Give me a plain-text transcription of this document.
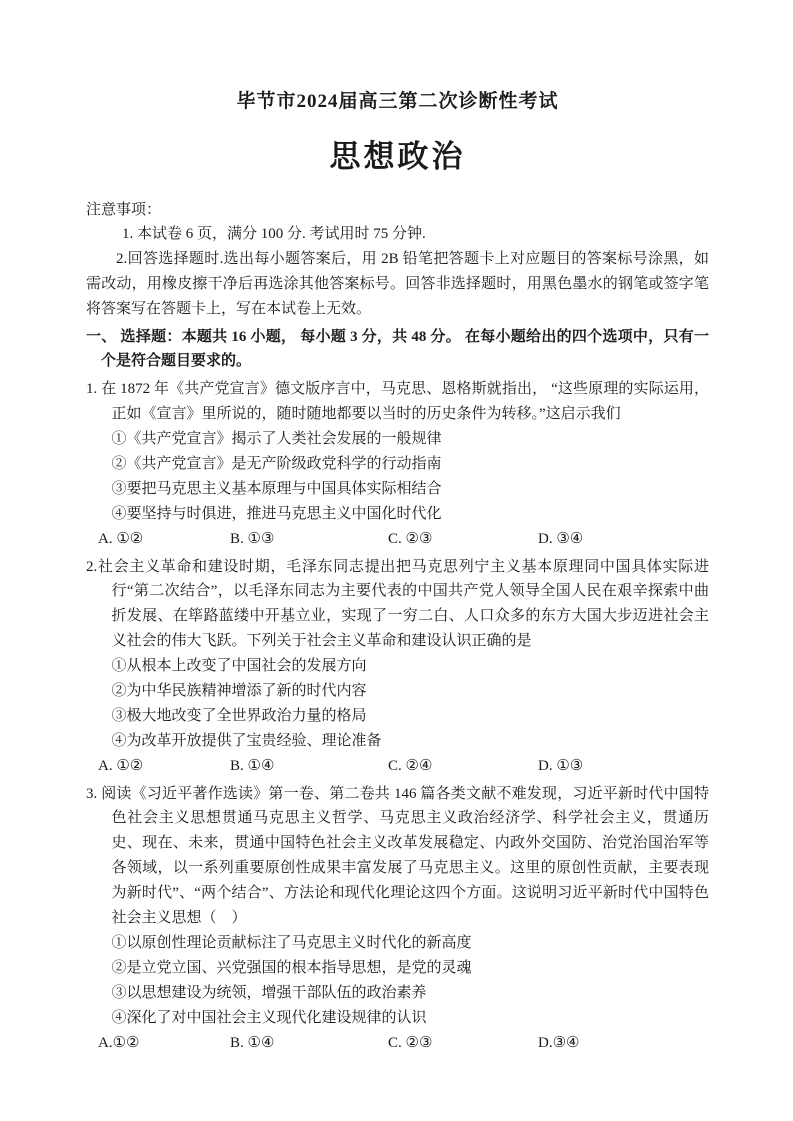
毕节市2024届高三第二次诊断性考试
思想政治

注意事项：

1. 本试卷 6 页，满分 100 分. 考试用时 75 分钟.

2.回答选择题时.选出每小题答案后，用 2B 铅笔把答题卡上对应题目的答案标号涂黑，如需改动，用橡皮擦干净后再选涂其他答案标号。回答非选择题时，用黑色墨水的钢笔或签字笔将答案写在答题卡上，写在本试卷上无效。

一、 选择题：本题共 16 小题， 每小题 3 分，共 48 分。 在每小题给出的四个选项中，只有一个是符合题目要求的。

1. 在 1872 年《共产党宣言》德文版序言中，马克思、恩格斯就指出， “这些原理的实际运用，正如《宣言》里所说的，随时随地都要以当时的历史条件为转移。”这启示我们

①《共产党宣言》揭示了人类社会发展的一般规律

②《共产党宣言》是无产阶级政党科学的行动指南

③要把马克思主义基本原理与中国具体实际相结合

④要坚持与时俱进，推进马克思主义中国化时代化

A. ①②	B. ①③	C. ②③	D. ③④

2.社会主义革命和建设时期，毛泽东同志提出把马克思列宁主义基本原理同中国具体实际进行“第二次结合”，以毛泽东同志为主要代表的中国共产党人领导全国人民在艰辛探索中曲折发展、在筚路蓝缕中开基立业，实现了一穷二白、人口众多的东方大国大步迈进社会主义社会的伟大飞跃。下列关于社会主义革命和建设认识正确的是

①从根本上改变了中国社会的发展方向

②为中华民族精神增添了新的时代内容

③极大地改变了全世界政治力量的格局

④为改革开放提供了宝贵经验、理论准备

A. ①②	B. ①④	C. ②④	D. ①③

3. 阅读《习近平著作选读》第一卷、第二卷共 146 篇各类文献不难发现，习近平新时代中国特色社会主义思想贯通马克思主义哲学、马克思主义政治经济学、科学社会主义，贯通历史、现在、未来，贯通中国特色社会主义改革发展稳定、内政外交国防、治党治国治军等各领域，以一系列重要原创性成果丰富发展了马克思主义。这里的原创性贡献，主要表现为新时代”、“两个结合”、方法论和现代化理论这四个方面。这说明习近平新时代中国特色社会主义思想（　）

①以原创性理论贡献标注了马克思主义时代化的新高度

②是立党立国、兴党强国的根本指导思想，是党的灵魂

③以思想建设为统领，增强干部队伍的政治素养

④深化了对中国社会主义现代化建设规律的认识

A.①②	B. ①④	C. ②③	D.③④
